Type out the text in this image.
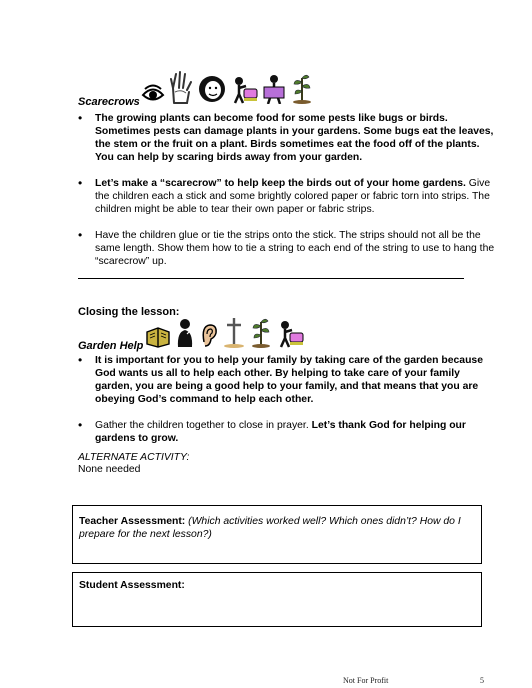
Scarecrows
• The growing plants can become food for some pests like bugs or birds. Sometimes pests can damage plants in your gardens. Some bugs eat the leaves, the stem or the fruit on a plant. Birds sometimes eat the food off of the plants. You can help by scaring birds away from your garden.
• Let’s make a “scarecrow” to help keep the birds out of your home gardens. Give the children each a stick and some brightly colored paper or fabric torn into strips. The children might be able to tear their own paper or fabric strips.
• Have the children glue or tie the strips onto the stick. The strips should not all be the same length. Show them how to tie a string to each end of the string to use to hang the “scarecrow” up.
Closing the lesson:
Garden Help
• It is important for you to help your family by taking care of the garden because God wants us all to help each other. By helping to take care of your family garden, you are being a good help to your family, and that means that you are obeying God’s command to help each other.
• Gather the children together to close in prayer. Let’s thank God for helping our gardens to grow.
ALTERNATE ACTIVITY:
None needed
Teacher Assessment: (Which activities worked well? Which ones didn’t? How do I prepare for the next lesson?)
Student Assessment:
Not For Profit	5
